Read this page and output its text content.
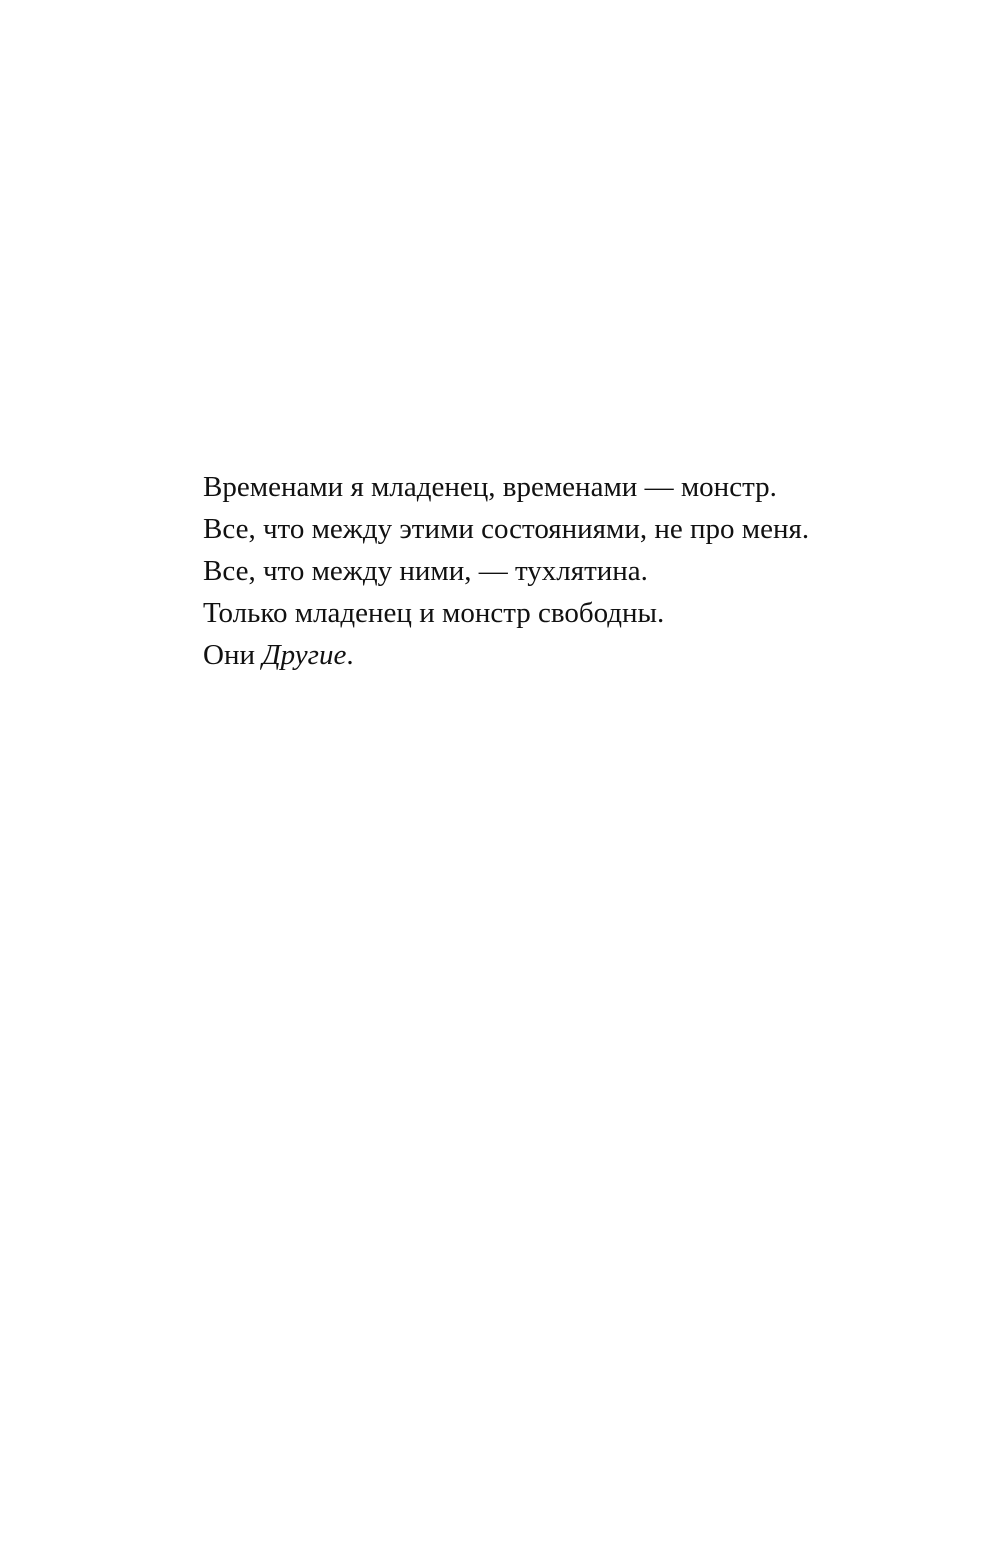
Временами я младенец, временами — монстр.
Все, что между этими состояниями, не про меня.
Все, что между ними, — тухлятина.
Только младенец и монстр свободны.
Они Другие.
